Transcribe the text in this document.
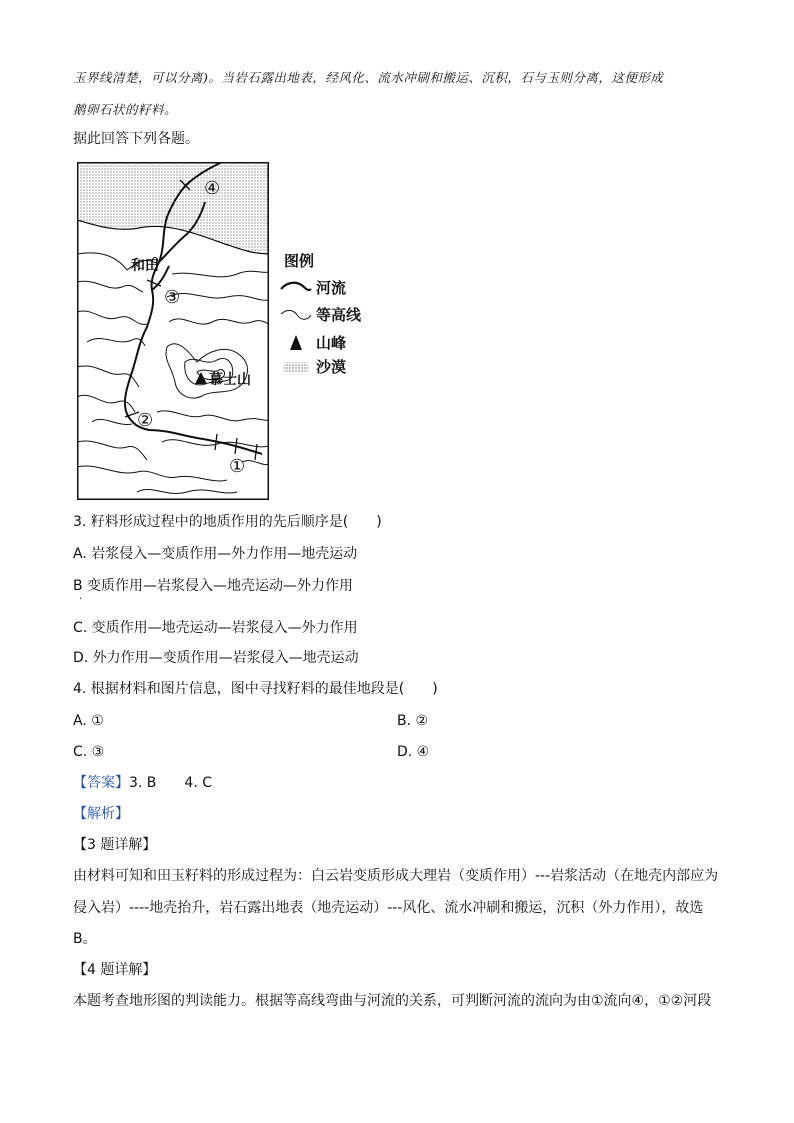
玉界线清楚，可以分离)。当岩石露出地表，经风化、流水冲刷和搬运、沉积，石与玉则分离，这便形成
鹅卵石状的籽料。
据此回答下列各题。
和田
慕士山
④
③
②
①
图例
河流
等高线
山峰
沙漠
3. 籽料形成过程中的地质作用的先后顺序是(　　)
A. 岩浆侵入—变质作用—外力作用—地壳运动
B 变质作用—岩浆侵入—地壳运动—外力作用
·
C. 变质作用—地壳运动—岩浆侵入—外力作用
D. 外力作用—变质作用—岩浆侵入—地壳运动
4. 根据材料和图片信息，图中寻找籽料的最佳地段是(　　)
A. ①	B. ②
C. ③	D. ④
【答案】3. B　　4. C
【解析】
【3 题详解】
由材料可知和田玉籽料的形成过程为：白云岩变质形成大理岩（变质作用）---岩浆活动（在地壳内部应为
侵入岩）----地壳抬升，岩石露出地表（地壳运动）---风化、流水冲刷和搬运，沉积（外力作用），故选
B。
【4 题详解】
本题考查地形图的判读能力。根据等高线弯曲与河流的关系，可判断河流的流向为由①流向④，①②河段
